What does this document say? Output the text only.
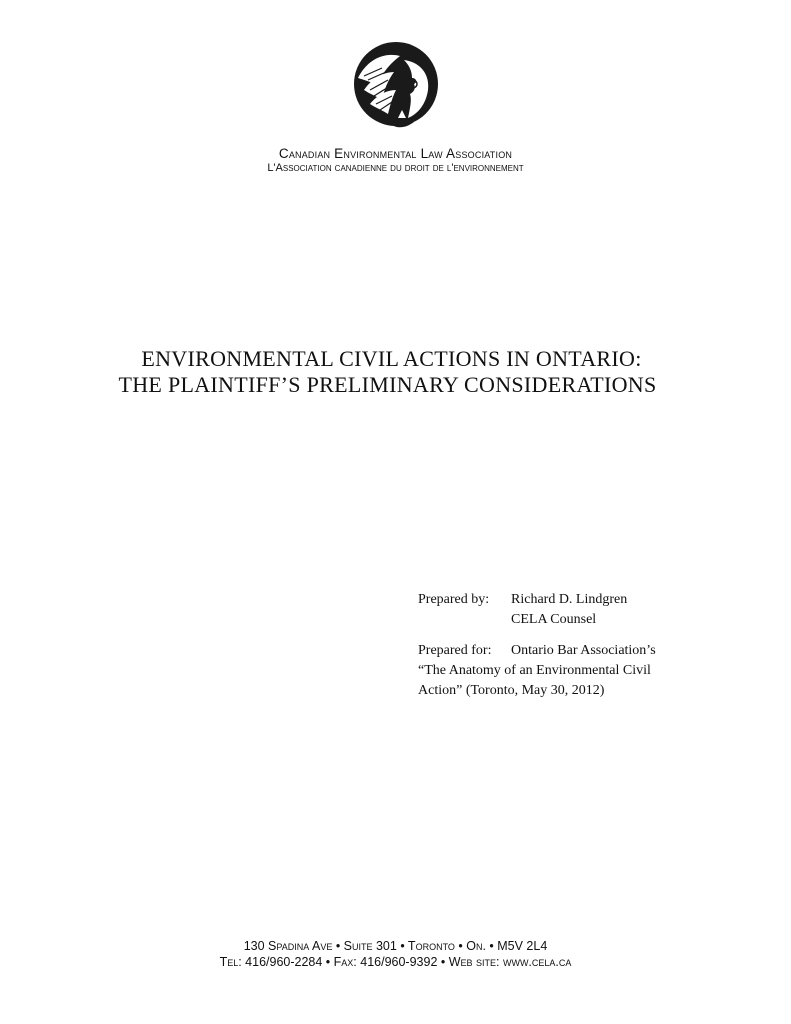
Canadian Environmental Law Association

L'Association canadienne du droit de l'environnement

ENVIRONMENTAL CIVIL ACTIONS IN ONTARIO:
THE PLAINTIFF’S PRELIMINARY CONSIDERATIONS
Prepared by:	Richard D. Lindgren
CELA Counsel
Prepared for:	Ontario Bar Association’s
“The Anatomy of an Environmental Civil
Action” (Toronto, May 30, 2012)

130 Spadina Ave • Suite 301 • Toronto • On. • M5V 2L4

Tel: 416/960-2284 • Fax: 416/960-9392 • Web site: www.cela.ca
